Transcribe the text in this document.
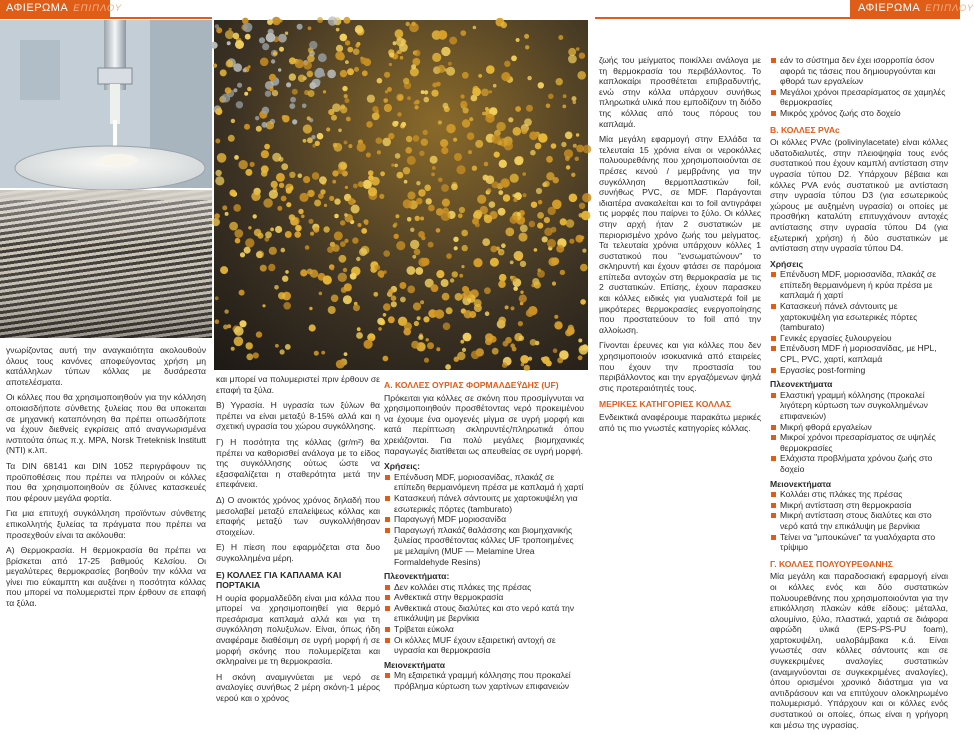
ΑΦΙΕΡΩΜΑ ΕΠΙΠΛΟΥ	ΑΦΙΕΡΩΜΑ ΕΠΙΠΛΟΥ

γνωρίζοντας αυτή την αναγκαιότητα ακολουθούν όλους τους κανόνες αποφεύγοντας χρήση μη κατάλληλων τύπων κόλλας με δυσάρεστα αποτελέσματα.

Οι κόλλες που θα χρησιμοποιηθούν για την κόλληση οποιασδήποτε σύνθετης ξυλείας που θα υποκειται σε μηχανική καταπόνηση θα πρέπει οπωσδήποτε να έχουν διεθνείς εγκρίσεις από αναγνωρισμένα ινστιτούτα όπως π.χ. MPA, Norsk Treteknisk Institutt (NTI) κ.λπ.

Τα DIN 68141 και DIN 1052 περιγράφουν τις προϋποθέσεις που πρέπει να πληρούν οι κόλλες που θα χρησιμοποιηθούν σε ξύλινες κατασκευές που φέρουν μεγάλα φορτία.

Για μια επιτυχή συγκόλληση προϊόντων σύνθετης επικολλητής ξυλείας τα πράγματα που πρέπει να προσεχθούν είναι τα ακόλουθα:

Α) Θερμοκρασία. Η θερμοκρασία θα πρέπει να βρίσκεται από 17-25 βαθμούς Κελσίου. Οι μεγαλύτερες θερμοκρασίες βοηθούν την κόλλα να γίνει πιο εύκαμπτη και αυξάνει η ποσότητα κόλλας που μπορεί να πολυμεριστεί πριν έρθουν σε επαφή τα ξύλα.

και μπορεί να πολυμεριστεί πριν έρθουν σε επαφή τα ξύλα.

Β) Υγρασία. Η υγρασία των ξύλων θα πρέπει να είναι μεταξύ 8-15% αλλά και η σχετική υγρασία του χώρου συγκόλλησης.

Γ) Η ποσότητα της κόλλας (gr/m²) θα πρέπει να καθορισθεί ανάλογα με το είδος της συγκόλλησης ούτως ώστε να εξασφαλίζεται η σταθερότητα μετά την επεφάνεια.

Δ) Ο ανοικτός χρόνος χρόνος δηλαδή που μεσολαβεί μεταξύ επαλείψεως κόλλας και επαφής μεταξύ των συγκολλήθησαν στοιχείων.

Ε) Η πίεση που εφαρμόζεται στα δυο συγκολλημένα μέρη.

Ε) ΚΟΛΛΕΣ ΓΙΑ ΚΑΠΛΑΜΑ ΚΑΙ ΠΟΡΤΑΚΙΑ

Η ουρία φορμαλδεΰδη είναι μια κόλλα που μπορεί να χρησιμοποιηθεί για θερμό πρεσάρισμα καπλαμά αλλά και για τη συγκόλληση πολυξυλων. Είναι, όπως ήδη αναφέραμε διαθέσιμη σε υγρή μορφή ή σε μορφή σκόνης που πολυμερίζεται και σκληραίνει με τη θερμοκρασία.

Η σκόνη αναμιγνύεται με νερό σε αναλογίες συνήθως 2 μέρη σκόνη-1 μέρος νερού και ο χρόνος

Α. ΚΟΛΛΕΣ ΟΥΡΙΑΣ ΦΟΡΜΑΛΔΕΫΔΗΣ (UF)

Πρόκειται για κόλλες σε σκόνη που προσμίγνυται να χρησιμοποιηθούν προσθέτοντας νερό προκειμένου να έχουμε ένα ομογενές μίγμα σε υγρή μορφή και κατά περίπτωση σκληρυντές/πληρωτικά όπου χρειάζονται. Για πολύ μεγάλες βιομηχανικές παραγωγές διατίθεται ως απευθείας σε υγρή μορφή.

Χρήσεις:
Επένδυση MDF, μοριοσανίδας, πλακάζ σε επίπεδη θερμαινόμενη πρέσα με καπλαμά ή χαρτί
Κατασκευή πάνελ σάντουιτς με χαρτοκυψέλη για εσωτερικές πόρτες (tamburato)
Παραγωγή MDF μοριοσανίδα
Παραγωγή πλακάζ θαλάσσης και βιομηχανικής ξυλείας προσθέτοντας κόλλες UF τροποιημένες με μελαμίνη (MUF — Melamine Urea Formaldehyde Resins)
Πλεονεκτήματα:
Δεν κολλάει στις πλάκες της πρέσας
Ανθεκτικά στην θερμοκρασία
Ανθεκτικά στους διαλύτες και στο νερό κατά την επικάλυψη με βερνίκια
Τρίβεται εύκολα
Οι κόλλες MUF έχουν εξαιρετική αντοχή σε υγρασία και θερμοκρασία
Μειονεκτήματα
Μη εξαιρετικά γραμμή κόλλησης που προκαλεί πρόβλημα κύρτωση των χαρτίνων επιφανειών

ζωής του μείγματος ποικίλλει ανάλογα με τη θερμοκρασία του περιβάλλοντος. Το καπλοκαίρι προσθέτεται επιβραδυντής, ενώ στην κόλλα υπάρχουν συνήθως πληρωτικά υλικά που εμποδίζουν τη διόδο της κόλλας από τους πόρους του καπλαμά.

Μία μεγάλη εφαρμογή στην Ελλάδα τα τελευταία 15 χρόνια είναι οι νεροκόλλες πολυουρεθάνης που χρησιμοποιούνται σε πρέσες κενού / μεμβράνης για την συγκόλληση θερμοπλαστικών foil, συνήθως PVC, σε MDF. Παράγονται ιδιαιτέρα ανακαλείται και το foil αντιγράφει τις μορφές που παίρνει το ξύλο. Οι κόλλες στην αρχή ήταν 2 συστατικών με περιορισμένο χρόνο ζωής του μείγματος. Τα τελευταία χρόνια υπάρχουν κόλλες 1 συστατικού που "ενσωματώνουν" το σκληρυντή και έχουν φτάσει σε παρόμοια επίπεδα αντοχών στη θερμοκρασία με τις 2 συστατικών. Επίσης, έχουν παρασκευ και κόλλες ειδικές για γυαλιστερά foil με μικρότερες θερμοκρασίες ενεργοποίησης που προστατεύουν το foil από την αλλοίωση.

Γίνονται έρευνες και για κόλλες που δεν χρησιμοποιούν ισοκυανικά από εταιρείες που έχουν την προστασία του περιβάλλοντος και την εργαζόμενων ψηλά στις προτεραιότητές τους.

ΜΕΡΙΚΕΣ ΚΑΤΗΓΟΡΙΕΣ ΚΟΛΛΑΣ

Ενδεικτικά αναφέρουμε παρακάτω μερικές από τις πιο γνωστές κατηγορίες κόλλας.

εάν το σύστημα δεν έχει ισορροπία όσον αφορά τις τάσεις που δημιουργούνται και φθορά των εργαλείων
Μεγάλοι χρόνοι πρεσαρίσματος σε χαμηλές θερμοκρασίες
Μικρός χρόνος ζωής στο δοχείο
Β. ΚΟΛΛΕΣ PVAc

Οι κόλλες PVAc (polivinylacetate) είναι κόλλες υδατοδιαλυτές, στην πλειοψηφία τους ενός συστατικού που έχουν καμπλή αντίσταση στην υγρασία τύπου D2. Υπάρχουν βέβαια και κόλλες PVA ενός συστατικού με αντίσταση στην υγρασία τύπου D3 (για εσωτερικούς χώρους με αυξημένη υγρασία) οι οποίες με προσθήκη καταλύτη επιτυγχάνουν αντοχές αντίστασης στην υγρασία τύπου D4 (για εξωτερική χρήση) ή δύο συστατικών με αντίσταση στην υγρασία τύπου D4.

Χρήσεις
Επένδυση MDF, μοριοσανίδα, πλακάζ σε επίπεδη θερμαινόμενη ή κρύα πρέσα με καπλαμά ή χαρτί
Κατασκευή πάνελ σάντουιτς με χαρτοκυψέλη για εσωτερικές πόρτες (tamburato)
Γενικές εργασίες ξυλουργείου
Επένδυση MDF ή μοριοσανίδας, με HPL, CPL, PVC, χαρτί, καπλαμά
Εργασίες post-forming
Πλεονεκτήματα
Ελαστική γραμμή κόλλησης (προκαλεί λιγότερη κύρτωση των συγκολλημένων επιφανειών)
Μικρή φθορά εργαλείων
Μικροί χρόνοι πρεσαρίσματος σε υψηλές θερμοκρασίες
Ελάχιστα προβλήματα χρόνου ζωής στο δοχείο
Μειονεκτήματα
Κολλάει στις πλάκες της πρέσας
Μικρή αντίσταση στη θερμοκρασία
Μικρή αντίσταση στους διαλύτες και στο νερό κατά την επικάλυψη με βερνίκια
Τείνει να "μπουκώνει" τα γυαλόχαρτα στο τρίψιμο
Γ. ΚΟΛΛΕΣ ΠΟΛΥΟΥΡΕΘΑΝΗΣ

Μία μεγάλη και παραδοσιακή εφαρμογή είναι οι κόλλες ενός και δύο συστατικών πολυουρεθάνης που χρησιμοποιούνται για την επικόλληση πλακών κάθε είδους: μέταλλα, αλουμίνιο, ξύλο, πλαστικά, χαρτιά σε διάφορα αφρώδη υλικά (EPS-PS-PU foam), χαρτοκυψέλη, υαλοβάμβακα κ.ά. Είναι γνωστές σαν κόλλες σάντουιτς και σε συγκεκριμένες αναλογίες συστατικών (αναμιγνύονται σε συγκεκριμένες αναλογίες), όπου ορισμένοι χρονικό διάστημα για να αντιδράσουν και να επιτύχουν ολοκληρωμένο πολυμερισμό. Υπάρχουν και οι κόλλες ενός συστατικού οι οποίες, όπως είναι η γρήγορη και μέσω της υγρασίας.
